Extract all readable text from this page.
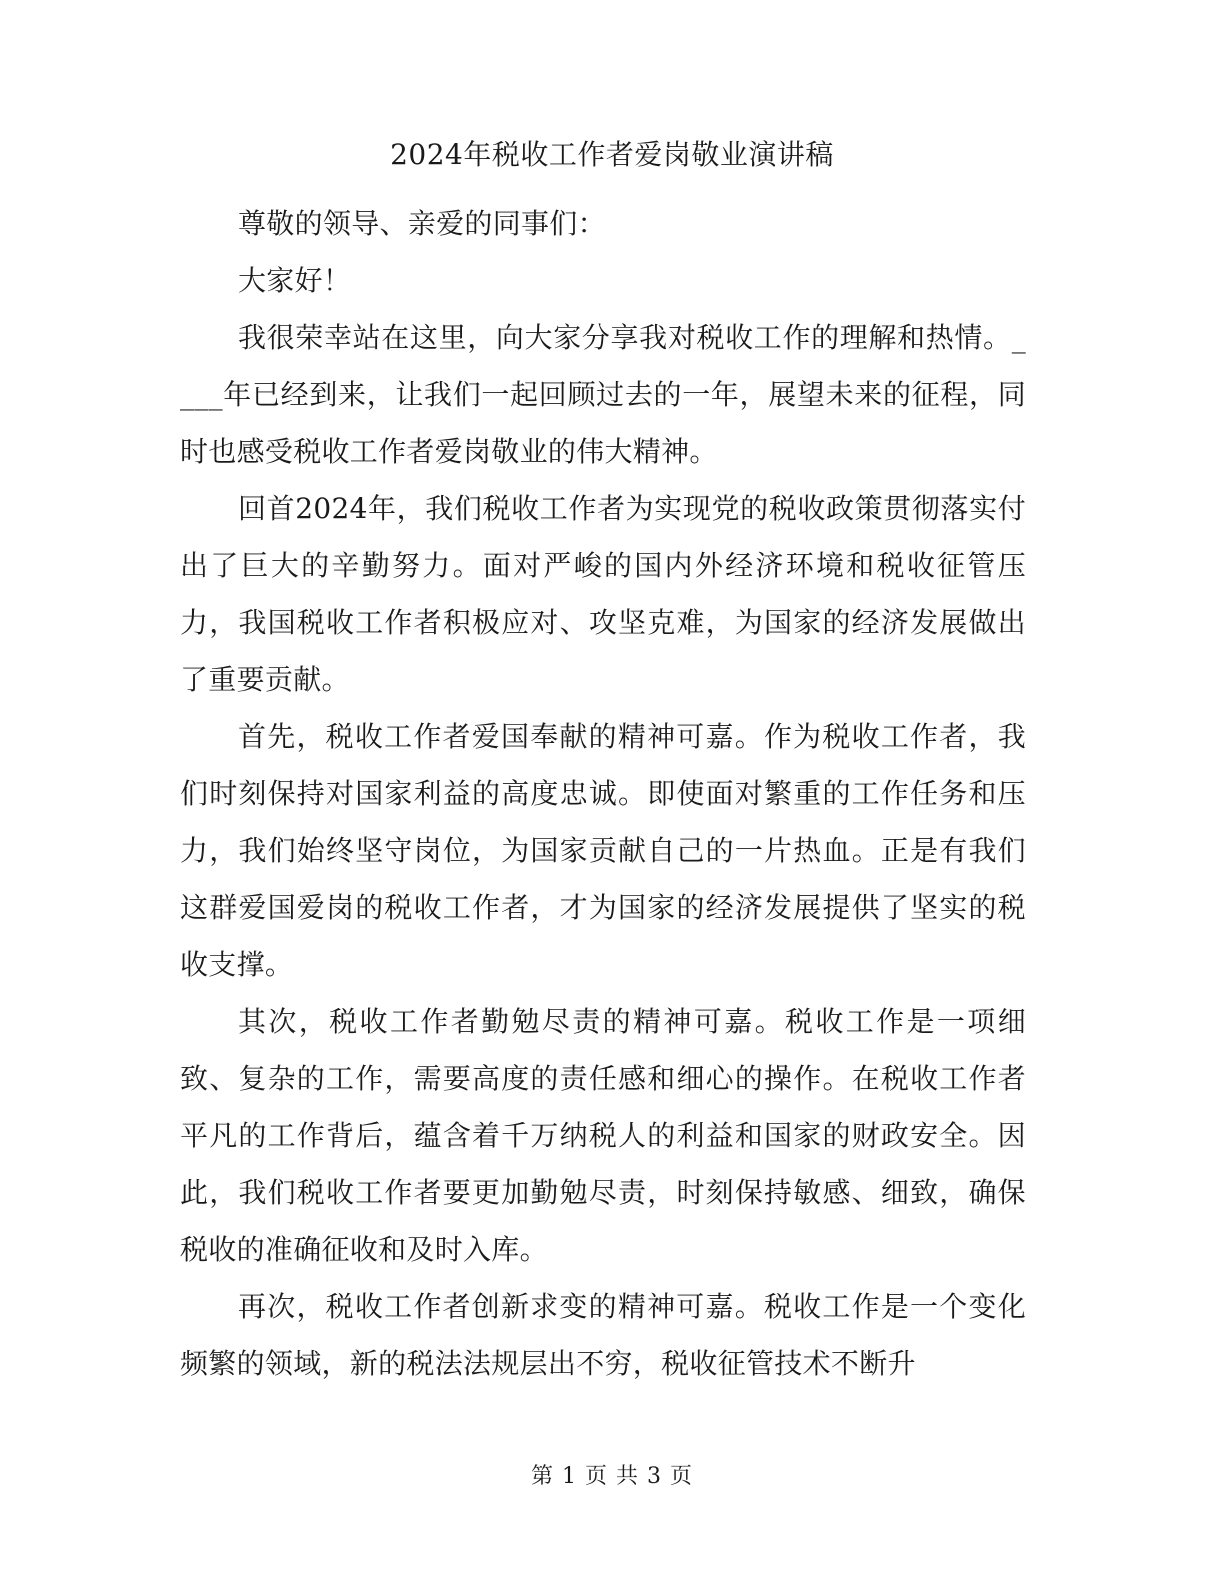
2024年税收工作者爱岗敬业演讲稿

尊敬的领导、亲爱的同事们：

大家好！

我很荣幸站在这里，向大家分享我对税收工作的理解和热情。____年已经到来，让我们一起回顾过去的一年，展望未来的征程，同时也感受税收工作者爱岗敬业的伟大精神。

回首2024年，我们税收工作者为实现党的税收政策贯彻落实付出了巨大的辛勤努力。面对严峻的国内外经济环境和税收征管压力，我国税收工作者积极应对、攻坚克难，为国家的经济发展做出了重要贡献。

首先，税收工作者爱国奉献的精神可嘉。作为税收工作者，我们时刻保持对国家利益的高度忠诚。即使面对繁重的工作任务和压力，我们始终坚守岗位，为国家贡献自己的一片热血。正是有我们这群爱国爱岗的税收工作者，才为国家的经济发展提供了坚实的税收支撑。

其次，税收工作者勤勉尽责的精神可嘉。税收工作是一项细致、复杂的工作，需要高度的责任感和细心的操作。在税收工作者平凡的工作背后，蕴含着千万纳税人的利益和国家的财政安全。因此，我们税收工作者要更加勤勉尽责，时刻保持敏感、细致，确保税收的准确征收和及时入库。

再次，税收工作者创新求变的精神可嘉。税收工作是一个变化频繁的领域，新的税法法规层出不穷，税收征管技术不断升

第 1 页 共 3 页
